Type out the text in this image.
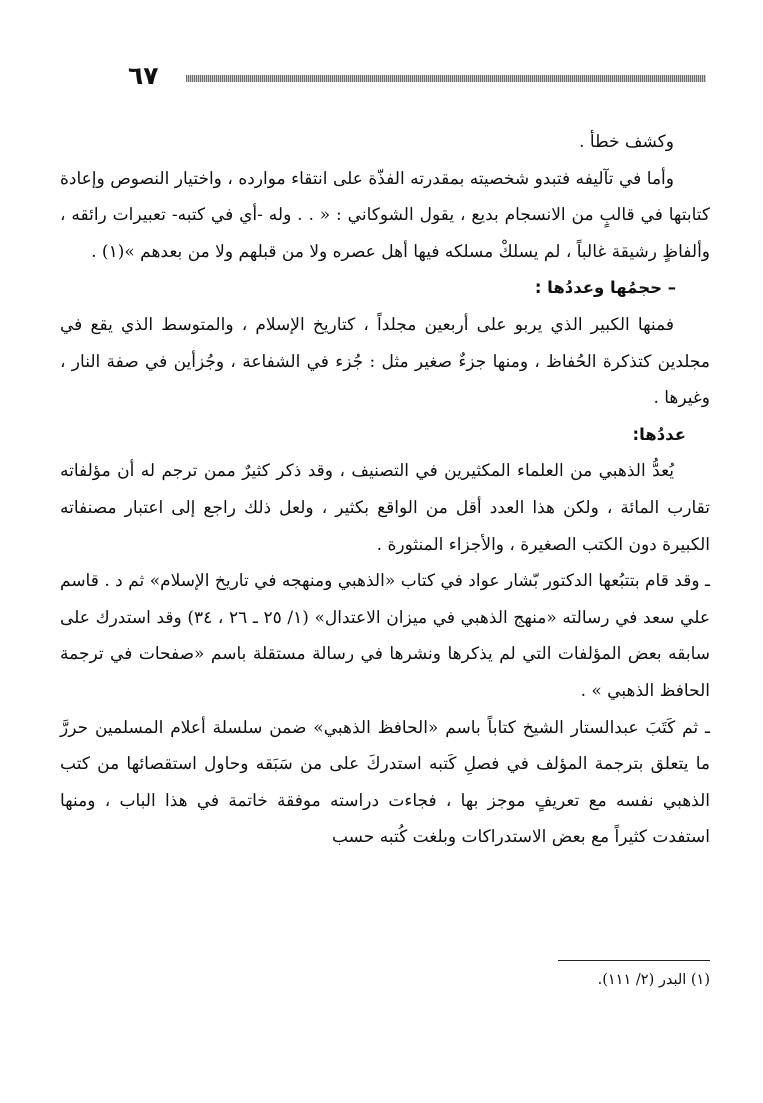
٦٧

وكشف خطأ .

وأما في تآليفه فتبدو شخصيته بمقدرته الفذّة على انتقاء موارده ، واختيار النصوص وإعادة كتابتها في قالبٍ من الانسجام بديع ، يقول الشوكاني : « . . وله -أي في كتبه- تعبيرات رائقه ، وألفاظٍ رشيقة غالباً ، لم يسلكْ مسلكه فيها أهل عصره ولا من قبلهم ولا من بعدهم »(١) .

– حجمُها وعددُها :

فمنها الكبير الذي يربو على أربعين مجلداً ، كتاريخ الإسلام ، والمتوسط الذي يقع في مجلدين كتذكرة الحُفاظ ، ومنها جزءٌ صغير مثل : جُزء في الشفاعة ، وجُزأين في صفة النار ، وغيرها .

عددُها:

يُعدُّ الذهبي من العلماء المكثيرين في التصنيف ، وقد ذكر كثيرٌ ممن ترجم له أن مؤلفاته تقارب المائة ، ولكن هذا العدد أقل من الواقع بكثير ، ولعل ذلك راجع إلى اعتبار مصنفاته الكبيرة دون الكتب الصغيرة ، والأجزاء المنثورة .

ـ وقد قام بتتبُعها الدكتور بّشار عواد في كتاب «الذهبي ومنهجه في تاريخ الإسلام» ثم د . قاسم علي سعد في رسالته «منهج الذهبي في ميزان الاعتدال» (١/ ٢٥ ـ ٢٦ ، ٣٤) وقد استدرك على سابقه بعض المؤلفات التي لم يذكرها ونشرها في رسالة مستقلة باسم «صفحات في ترجمة الحافظ الذهبي » .

ـ ثم كَتَبَ عبدالستار الشيخ كتاباً باسم «الحافظ الذهبي» ضمن سلسلة أعلام المسلمين حررَّ ما يتعلق بترجمة المؤلف في فصلِ كَتبه استدركَ على من سَبَقه وحاول استقصائها من كتب الذهبي نفسه مع تعريفٍ موجز بها ، فجاءت دراسته موفقة خاتمة في هذا الباب ، ومنها استفدت كثيراً مع بعض الاستدراكات وبلغت كُتبه حسب

(١) البدر (٢/ ١١١).
